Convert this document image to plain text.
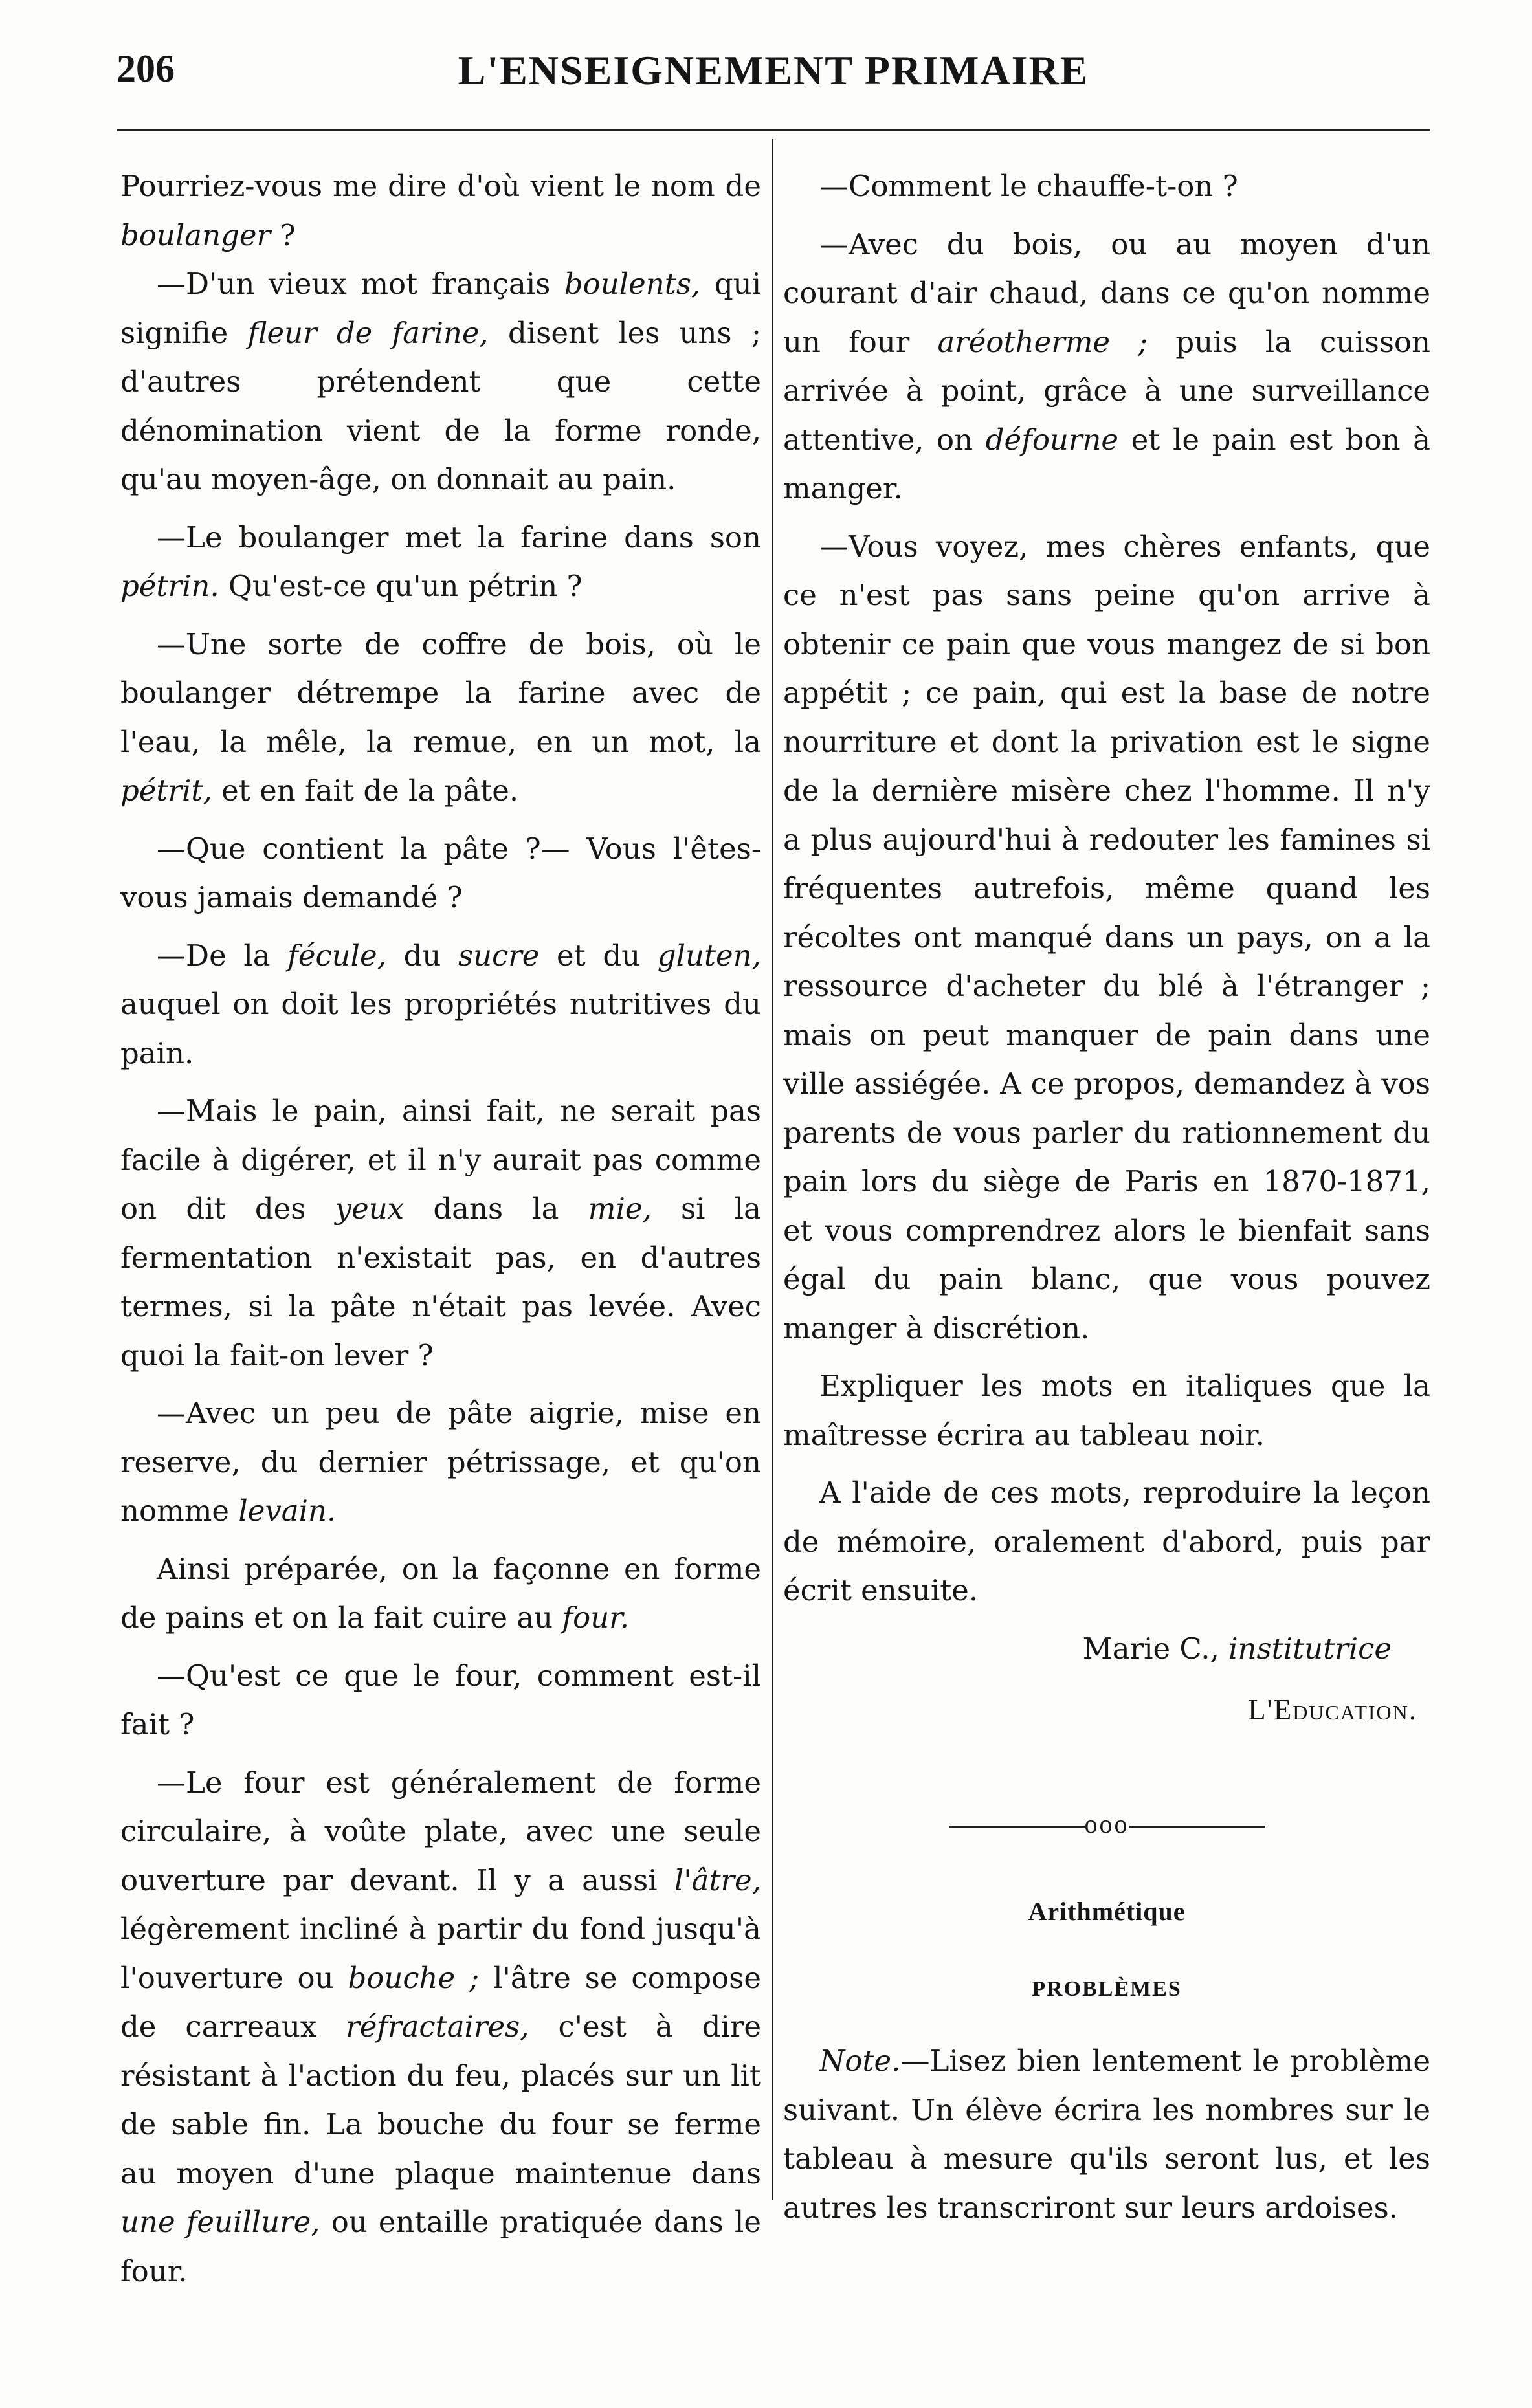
206	L'ENSEIGNEMENT PRIMAIRE

Pourriez-vous me dire d'où vient le nom de boulanger ?

—D'un vieux mot français boulents, qui signifie fleur de farine, disent les uns ; d'autres prétendent que cette dénomination vient de la forme ronde, qu'au moyen-âge, on donnait au pain.

—Le boulanger met la farine dans son pétrin. Qu'est-ce qu'un pétrin ?

—Une sorte de coffre de bois, où le boulanger détrempe la farine avec de l'eau, la mêle, la remue, en un mot, la pétrit, et en fait de la pâte.

—Que contient la pâte ?— Vous l'êtes-vous jamais demandé ?

—De la fécule, du sucre et du gluten, auquel on doit les propriétés nutritives du pain.

—Mais le pain, ainsi fait, ne serait pas facile à digérer, et il n'y aurait pas comme on dit des yeux dans la mie, si la fermentation n'existait pas, en d'autres termes, si la pâte n'était pas levée. Avec quoi la fait-on lever ?

—Avec un peu de pâte aigrie, mise en reserve, du dernier pétrissage, et qu'on nomme levain.

Ainsi préparée, on la façonne en forme de pains et on la fait cuire au four.

—Qu'est ce que le four, comment est-il fait ?

—Le four est généralement de forme circulaire, à voûte plate, avec une seule ouverture par devant. Il y a aussi l'âtre, légèrement incliné à partir du fond jusqu'à l'ouverture ou bouche ; l'âtre se compose de carreaux réfractaires, c'est à dire résistant à l'action du feu, placés sur un lit de sable fin. La bouche du four se ferme au moyen d'une plaque maintenue dans une feuillure, ou entaille pratiquée dans le four.

—Comment le chauffe-t-on ?

—Avec du bois, ou au moyen d'un courant d'air chaud, dans ce qu'on nomme un four aréotherme ; puis la cuisson arrivée à point, grâce à une surveillance attentive, on défourne et le pain est bon à manger.

—Vous voyez, mes chères enfants, que ce n'est pas sans peine qu'on arrive à obtenir ce pain que vous mangez de si bon appétit ; ce pain, qui est la base de notre nourriture et dont la privation est le signe de la dernière misère chez l'homme. Il n'y a plus aujourd'hui à redouter les famines si fréquentes autrefois, même quand les récoltes ont manqué dans un pays, on a la ressource d'acheter du blé à l'étranger ; mais on peut manquer de pain dans une ville assiégée. A ce propos, demandez à vos parents de vous parler du rationnement du pain lors du siège de Paris en 1870-1871, et vous comprendrez alors le bienfait sans égal du pain blanc, que vous pouvez manger à discrétion.

Expliquer les mots en italiques que la maîtresse écrira au tableau noir.

A l'aide de ces mots, reproduire la leçon de mémoire, oralement d'abord, puis par écrit ensuite.

Marie C., institutrice

L'Education.

ooo

Arithmétique

PROBLÈMES

Note.—Lisez bien lentement le problème suivant. Un élève écrira les nombres sur le tableau à mesure qu'ils seront lus, et les autres les transcriront sur leurs ardoises.
